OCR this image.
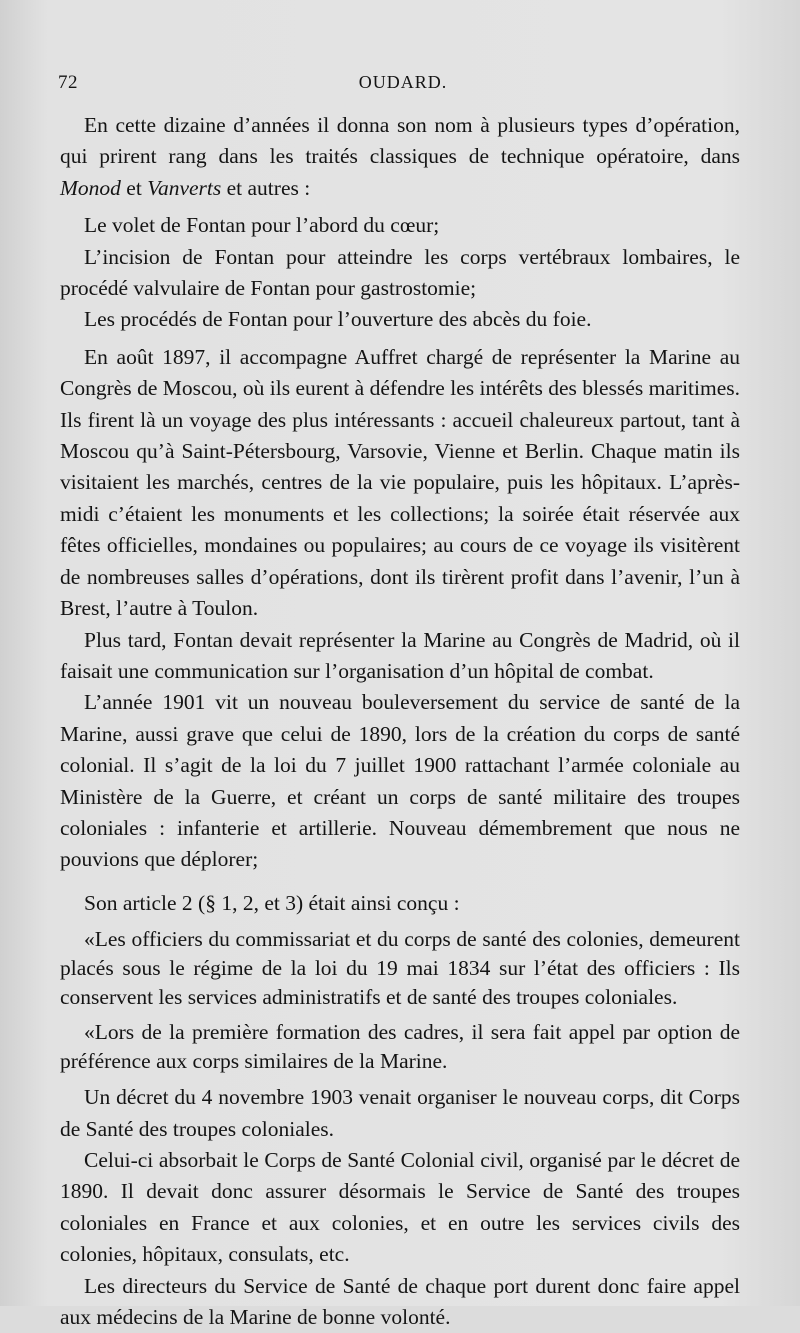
72	OUDARD.

En cette dizaine d’années il donna son nom à plusieurs types d’opération, qui prirent rang dans les traités classiques de technique opératoire, dans Monod et Vanverts et autres :

Le volet de Fontan pour l’abord du cœur;

L’incision de Fontan pour atteindre les corps vertébraux lombaires, le procédé valvulaire de Fontan pour gastrostomie;

Les procédés de Fontan pour l’ouverture des abcès du foie.

En août 1897, il accompagne Auffret chargé de représenter la Marine au Congrès de Moscou, où ils eurent à défendre les intérêts des blessés maritimes. Ils firent là un voyage des plus intéressants : accueil chaleureux partout, tant à Moscou qu’à Saint-Pétersbourg, Varsovie, Vienne et Berlin. Chaque matin ils visitaient les marchés, centres de la vie populaire, puis les hôpitaux. L’après-midi c’étaient les monuments et les collections; la soirée était réservée aux fêtes officielles, mondaines ou populaires; au cours de ce voyage ils visitèrent de nombreuses salles d’opérations, dont ils tirèrent profit dans l’avenir, l’un à Brest, l’autre à Toulon.

Plus tard, Fontan devait représenter la Marine au Congrès de Madrid, où il faisait une communication sur l’organisation d’un hôpital de combat.

L’année 1901 vit un nouveau bouleversement du service de santé de la Marine, aussi grave que celui de 1890, lors de la création du corps de santé colonial. Il s’agit de la loi du 7 juillet 1900 rattachant l’armée coloniale au Ministère de la Guerre, et créant un corps de santé militaire des troupes coloniales : infanterie et artillerie. Nouveau démembrement que nous ne pouvions que déplorer;

Son article 2 (§ 1, 2, et 3) était ainsi conçu :

«Les officiers du commissariat et du corps de santé des colonies, demeurent placés sous le régime de la loi du 19 mai 1834 sur l’état des officiers : Ils conservent les services administratifs et de santé des troupes coloniales.

«Lors de la première formation des cadres, il sera fait appel par option de préférence aux corps similaires de la Marine.

Un décret du 4 novembre 1903 venait organiser le nouveau corps, dit Corps de Santé des troupes coloniales.

Celui-ci absorbait le Corps de Santé Colonial civil, organisé par le décret de 1890. Il devait donc assurer désormais le Service de Santé des troupes coloniales en France et aux colonies, et en outre les services civils des colonies, hôpitaux, consulats, etc.

Les directeurs du Service de Santé de chaque port durent donc faire appel aux médecins de la Marine de bonne volonté.
